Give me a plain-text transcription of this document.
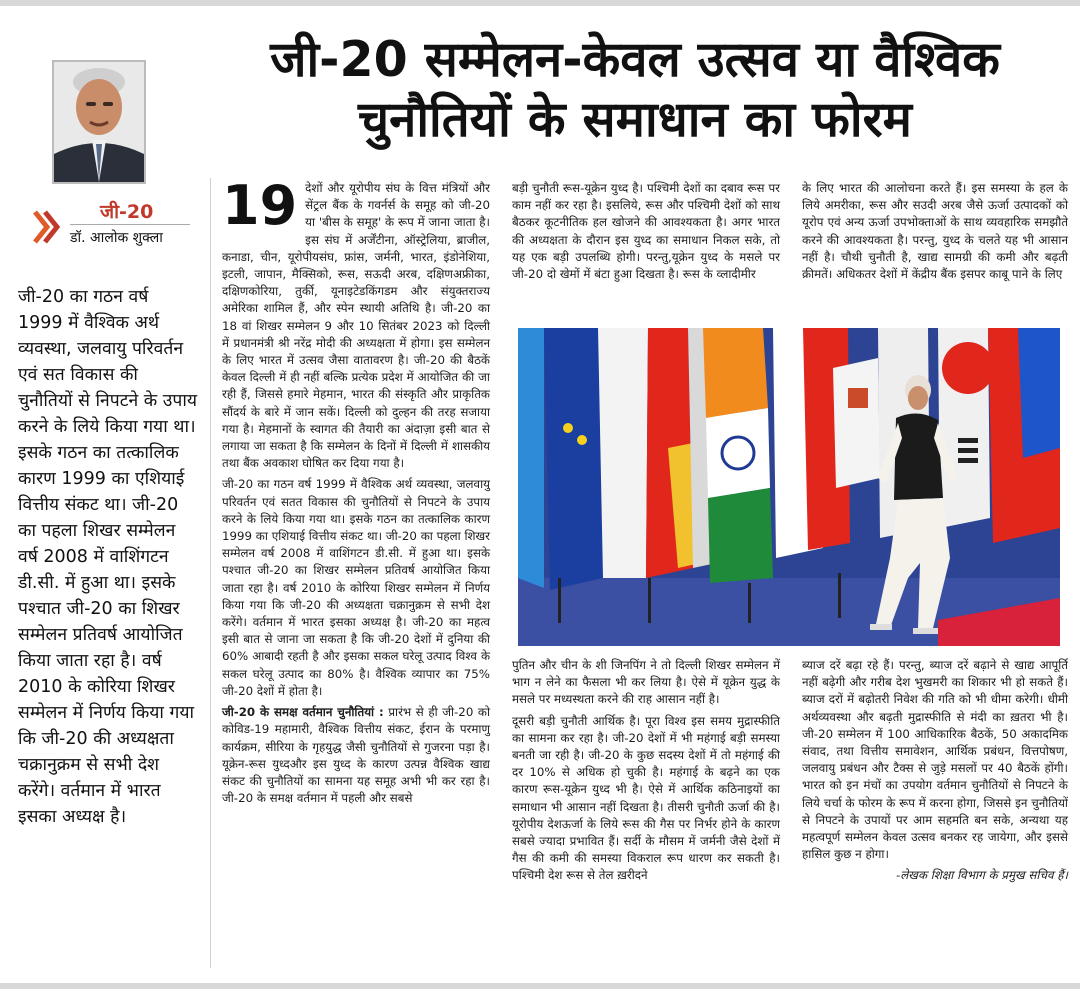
जी-20
डॉ. आलोक शुक्ला
जी-20 का गठन वर्ष 1999 में वैश्विक अर्थ व्यवस्था, जलवायु परिवर्तन एवं सत विकास की चुनौतियों से निपटने के उपाय करने के लिये किया गया था। इसके गठन का तत्कालिक कारण 1999 का एशियाई वित्तीय संकट था। जी-20 का पहला शिखर सम्मेलन वर्ष 2008 में वाशिंगटन डी.सी. में हुआ था। इसके पश्चात जी-20 का शिखर सम्मेलन प्रतिवर्ष आयोजित किया जाता रहा है। वर्ष 2010 के कोरिया शिखर सम्मेलन में निर्णय किया गया कि जी-20 की अध्यक्षता चक्रानुक्रम से सभी देश करेंगे। वर्तमान में भारत इसका अध्यक्ष है।
जी-20 सम्मेलन-केवल उत्सव या वैश्विक चुनौतियों के समाधान का फोरम

19 देशों और यूरोपीय संघ के वित्त मंत्रियों और सेंट्रल बैंक के गवर्नर्स के समूह को जी-20 या 'बीस के समूह' के रूप में जाना जाता है। इस संघ में अर्जेंटीना, ऑस्ट्रेलिया, ब्राजील, कनाडा, चीन, यूरोपीयसंघ, फ्रांस, जर्मनी, भारत, इंडोनेशिया, इटली, जापान, मैक्सिको, रूस, सऊदी अरब, दक्षिणअफ्रीका, दक्षिणकोरिया, तुर्की, यूनाइटेडकिंगडम और संयुक्तराज्य अमेरिका शामिल हैं, और स्पेन स्थायी अतिथि है। जी-20 का 18 वां शिखर सम्मेलन 9 और 10 सितंबर 2023 को दिल्ली में प्रधानमंत्री श्री नरेंद्र मोदी की अध्यक्षता में होगा। इस सम्मेलन के लिए भारत में उत्सव जैसा वातावरण है। जी-20 की बैठकें केवल दिल्ली में ही नहीं बल्कि प्रत्येक प्रदेश में आयोजित की जा रही हैं, जिससे हमारे मेहमान, भारत की संस्कृति और प्राकृतिक सौंदर्य के बारे में जान सकें। दिल्ली को दुल्हन की तरह सजाया गया है। मेहमानों के स्वागत की तैयारी का अंदाज़ा इसी बात से लगाया जा सकता है कि सम्मेलन के दिनों में दिल्ली में शासकीय तथा बैंक अवकाश घोषित कर दिया गया है।

जी-20 का गठन वर्ष 1999 में वैश्विक अर्थ व्यवस्था, जलवायु परिवर्तन एवं सतत विकास की चुनौतियों से निपटने के उपाय करने के लिये किया गया था। इसके गठन का तत्कालिक कारण 1999 का एशियाई वित्तीय संकट था। जी-20 का पहला शिखर सम्मेलन वर्ष 2008 में वाशिंगटन डी.सी. में हुआ था। इसके पश्चात जी-20 का शिखर सम्मेलन प्रतिवर्ष आयोजित किया जाता रहा है। वर्ष 2010 के कोरिया शिखर सम्मेलन में निर्णय किया गया कि जी-20 की अध्यक्षता चक्रानुक्रम से सभी देश करेंगे। वर्तमान में भारत इसका अध्यक्ष है। जी-20 का महत्व इसी बात से जाना जा सकता है कि जी-20 देशों में दुनिया की 60% आबादी रहती है और इसका सकल घरेलू उत्पाद विश्व के सकल घरेलू उत्पाद का 80% है। वैश्विक व्यापार का 75% जी-20 देशों में होता है।

जी-20 के समक्ष वर्तमान चुनौतियां : प्रारंभ से ही जी-20 को कोविड-19 महामारी, वैश्विक वित्तीय संकट, ईरान के परमाणु कार्यक्रम, सीरिया के गृहयुद्ध जैसी चुनौतियों से गुजरना पड़ा है। यूक्रेन-रूस युध्दऔर इस युध्द के कारण उत्पन्न वैश्विक खाद्य संकट की चुनौतियों का सामना यह समूह अभी भी कर रहा है। जी-20 के समक्ष वर्तमान में पहली और सबसे

बड़ी चुनौती रूस-यूक्रेन युध्द है। पश्चिमी देशों का दबाव रूस पर काम नहीं कर रहा है। इसलिये, रूस और पश्चिमी देशों को साथ बैठकर कूटनीतिक हल खोजने की आवश्यकता है। अगर भारत की अध्यक्षता के दौरान इस युध्द का समाधान निकल सके, तो यह एक बड़ी उपलब्धि होगी। परन्तु,यूक्रेन युध्द के मसले पर जी-20 दो खेमों में बंटा हुआ दिखता है। रूस के व्लादीमीर
के लिए भारत की आलोचना करते हैं। इस समस्या के हल के लिये अमरीका, रूस और सउदी अरब जैसे ऊर्जा उत्पादकों को यूरोप एवं अन्य ऊर्जा उपभोक्ताओं के साथ व्यवहारिक समझौते करने की आवश्यकता है। परन्तु, युध्द के चलते यह भी आसान नहीं है। चौथी चुनौती है, खाद्य सामग्री की कमी और बढ़ती क्रीमतें। अधिकतर देशों में केंद्रीय बैंक इसपर काबू पाने के लिए

पुतिन और चीन के शी जिनपिंग ने तो दिल्ली शिखर सम्मेलन में भाग न लेने का फैसला भी कर लिया है। ऐसे में यूक्रेन युद्ध के मसले पर मध्यस्थता करने की राह आसान नहीं है।

दूसरी बड़ी चुनौती आर्थिक है। पूरा विश्व इस समय मुद्रास्फीति का सामना कर रहा है। जी-20 देशों में भी महंगाई बड़ी समस्या बनती जा रही है। जी-20 के कुछ सदस्य देशों में तो महंगाई की दर 10% से अधिक हो चुकी है। महंगाई के बढ़ने का एक कारण रूस-यूक्रेन युध्द भी है। ऐसे में आर्थिक कठिनाइयों का समाधान भी आसान नहीं दिखता है। तीसरी चुनौती ऊर्जा की है। यूरोपीय देशऊर्जा के लिये रूस की गैस पर निर्भर होने के कारण सबसे ज्यादा प्रभावित हैं। सर्दी के मौसम में जर्मनी जैसे देशों में गैस की कमी की समस्या विकराल रूप धारण कर सकती है। पश्चिमी देश रूस से तेल ख़रीदने

ब्याज दरें बढ़ा रहे हैं। परन्तु, ब्याज दरें बढ़ाने से खाद्य आपूर्ति नहीं बढ़ेगी और गरीब देश भुखमरी का शिकार भी हो सकते हैं। ब्याज दरों में बढ़ोतरी निवेश की गति को भी धीमा करेगी। धीमी अर्थव्यवस्था और बढ़ती मुद्रास्फीति से मंदी का ख़तरा भी है। जी-20 सम्मेलन में 100 आधिकारिक बैठकें, 50 अकादमिक संवाद, तथा वित्तीय समावेशन, आर्थिक प्रबंधन, वित्तपोषण, जलवायु प्रबंधन और टैक्स से जुड़े मसलों पर 40 बैठकें होंगी। भारत को इन मंचों का उपयोग वर्तमान चुनौतियों से निपटने के लिये चर्चा के फोरम के रूप में करना होगा, जिससे इन चुनौतियों से निपटने के उपायों पर आम सहमति बन सके, अन्यथा यह महत्वपूर्ण सम्मेलन केवल उत्सव बनकर रह जायेगा, और इससे हासिल कुछ न होगा।

-लेखक शिक्षा विभाग के प्रमुख सचिव हैं।
